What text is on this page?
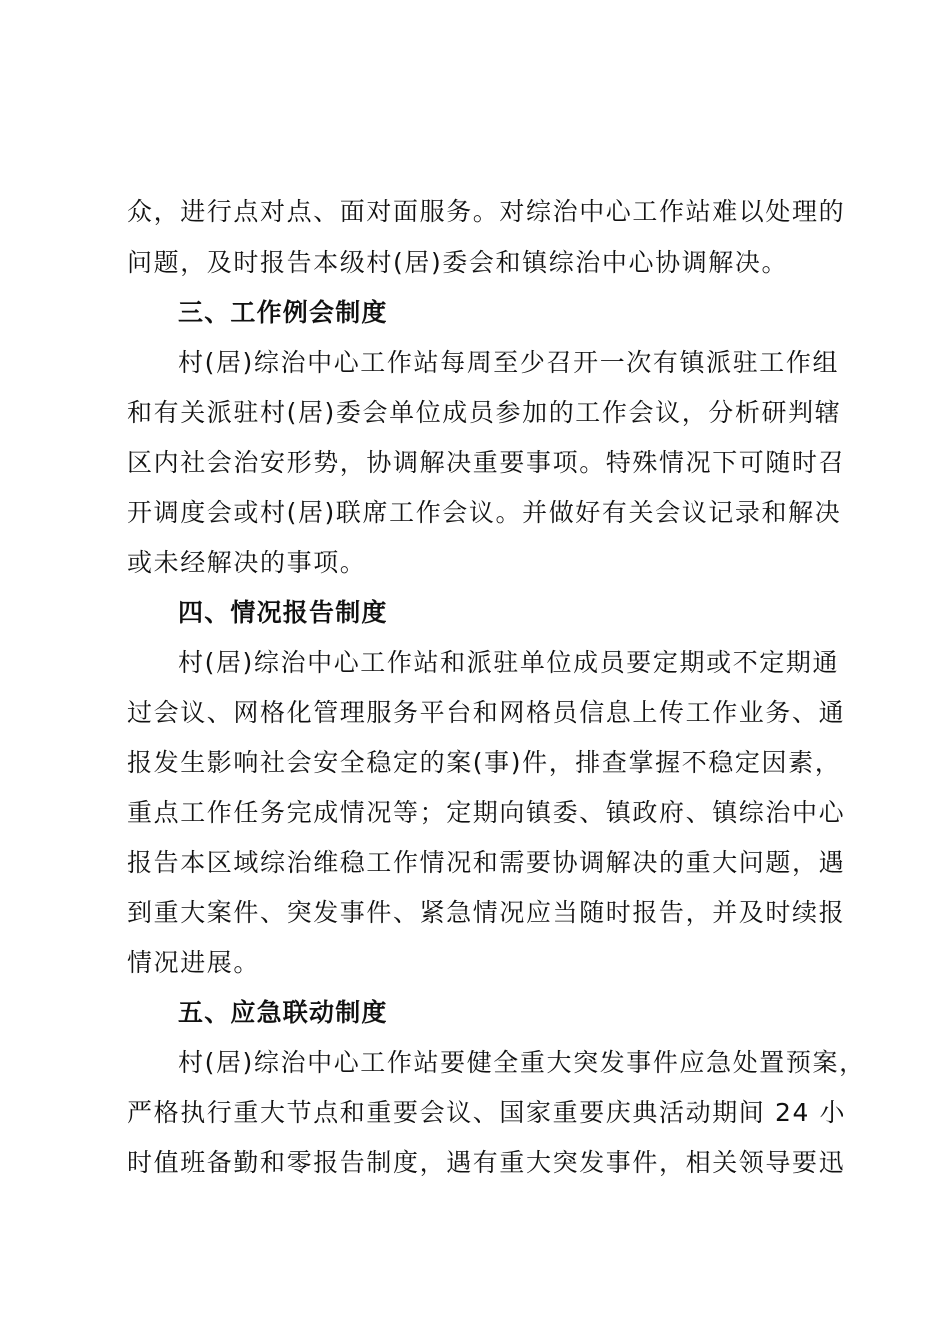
众，进行点对点、面对面服务。对综治中心工作站难以处理的
问题，及时报告本级村(居)委会和镇综治中心协调解决。
三、工作例会制度
村(居)综治中心工作站每周至少召开一次有镇派驻工作组
和有关派驻村(居)委会单位成员参加的工作会议，分析研判辖
区内社会治安形势，协调解决重要事项。特殊情况下可随时召
开调度会或村(居)联席工作会议。并做好有关会议记录和解决
或未经解决的事项。
四、情况报告制度
村(居)综治中心工作站和派驻单位成员要定期或不定期通
过会议、网格化管理服务平台和网格员信息上传工作业务、通
报发生影响社会安全稳定的案(事)件，排查掌握不稳定因素，
重点工作任务完成情况等；定期向镇委、镇政府、镇综治中心
报告本区域综治维稳工作情况和需要协调解决的重大问题，遇
到重大案件、突发事件、紧急情况应当随时报告，并及时续报
情况进展。
五、应急联动制度
村(居)综治中心工作站要健全重大突发事件应急处置预案，
严格执行重大节点和重要会议、国家重要庆典活动期间 24 小
时值班备勤和零报告制度，遇有重大突发事件，相关领导要迅
